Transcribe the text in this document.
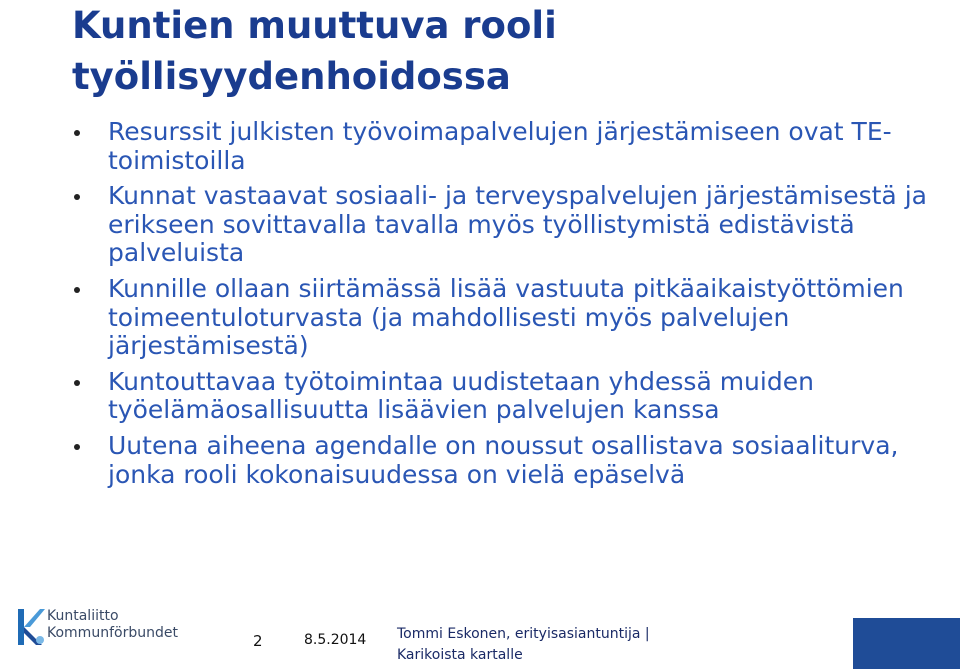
Kuntien muuttuva rooli
työllisyydenhoidossa
Resurssit julkisten työvoimapalvelujen järjestämiseen ovat TE-toimistoilla
Kunnat vastaavat sosiaali- ja terveyspalvelujen järjestämisestä ja erikseen sovittavalla tavalla myös työllistymistä edistävistä palveluista
Kunnille ollaan siirtämässä lisää vastuuta pitkäaikaistyöttömien toimeentuloturvasta (ja mahdollisesti myös palvelujen järjestämisestä)
Kuntouttavaa työtoimintaa uudistetaan yhdessä muiden työelämäosallisuutta lisäävien palvelujen kanssa
Uutena aiheena agendalle on noussut osallistava sosiaaliturva, jonka rooli kokonaisuudessa on vielä epäselvä
Kuntaliitto
Kommunförbundet	2	8.5.2014 Tommi Eskonen, erityisasiantuntija |
Karikoista kartalle
